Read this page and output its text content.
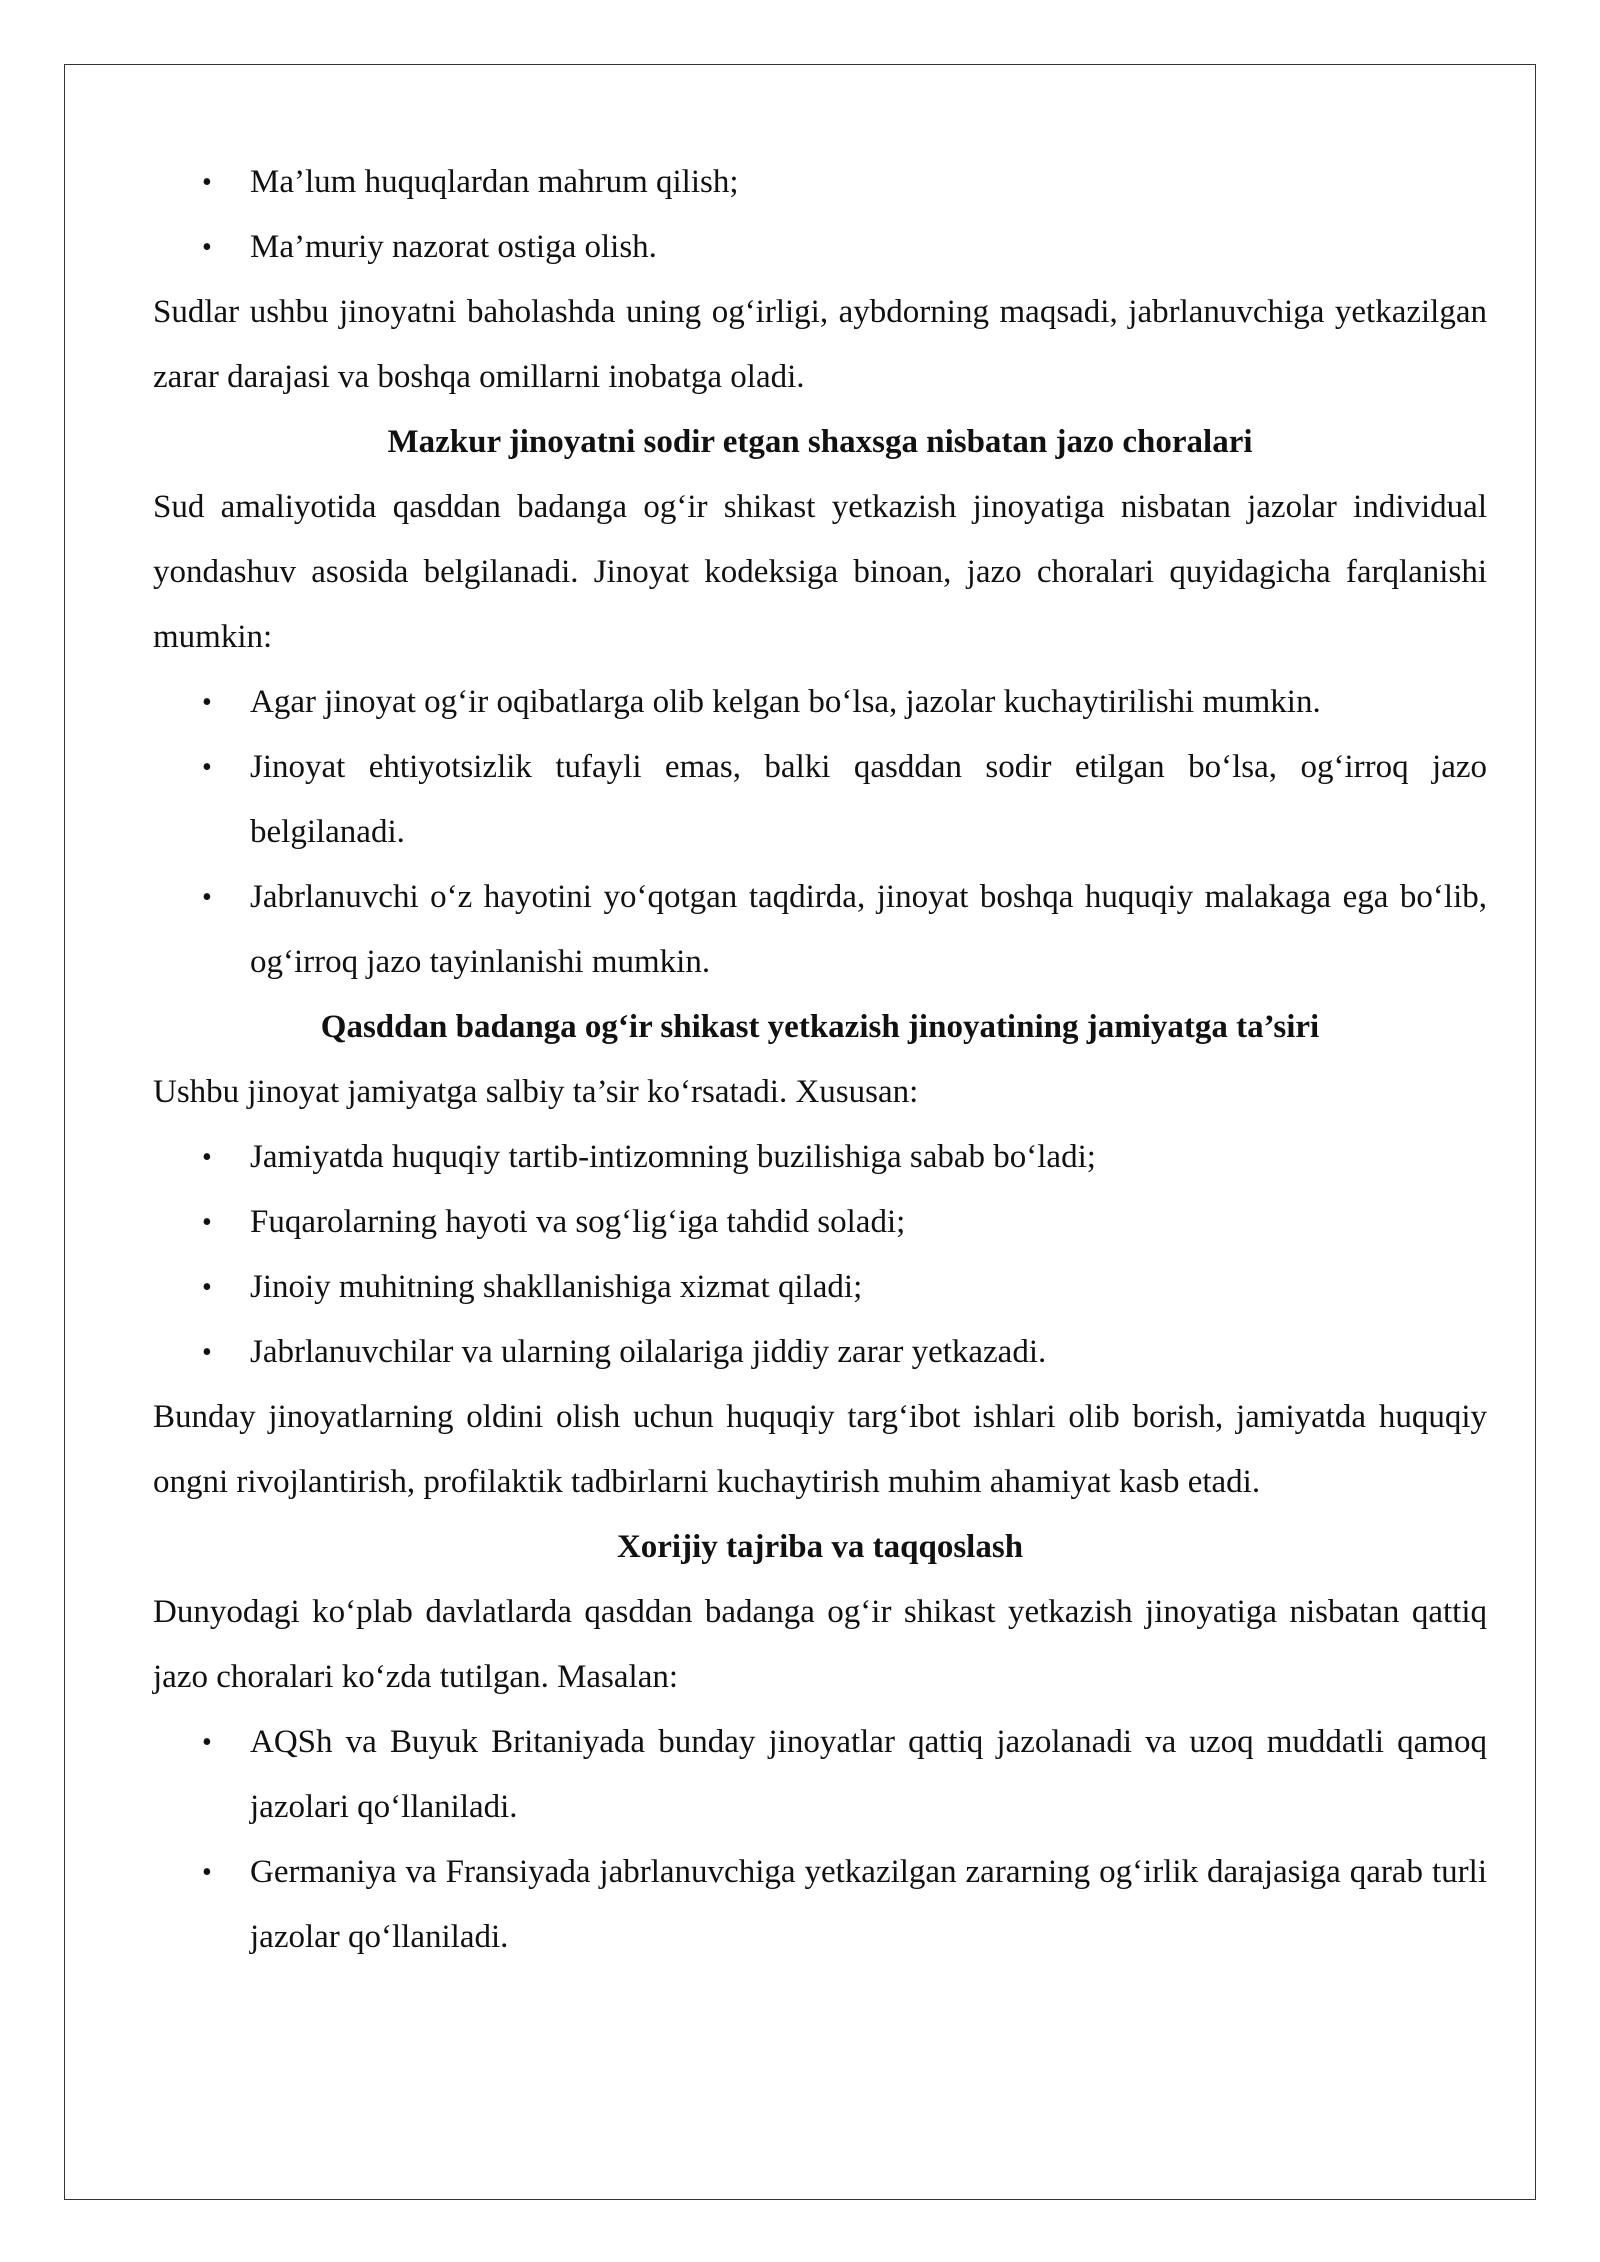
• Ma’lum huquqlardan mahrum qilish;
• Ma’muriy nazorat ostiga olish.

Sudlar ushbu jinoyatni baholashda uning og‘irligi, aybdorning maqsadi, jabrlanuvchiga yetkazilgan zarar darajasi va boshqa omillarni inobatga oladi.

Mazkur jinoyatni sodir etgan shaxsga nisbatan jazo choralari

Sud amaliyotida qasddan badanga og‘ir shikast yetkazish jinoyatiga nisbatan jazolar individual yondashuv asosida belgilanadi. Jinoyat kodeksiga binoan, jazo choralari quyidagicha farqlanishi mumkin:

• Agar jinoyat og‘ir oqibatlarga olib kelgan bo‘lsa, jazolar kuchaytirilishi mumkin.
• Jinoyat ehtiyotsizlik tufayli emas, balki qasddan sodir etilgan bo‘lsa, og‘irroq jazo belgilanadi.
• Jabrlanuvchi o‘z hayotini yo‘qotgan taqdirda, jinoyat boshqa huquqiy malakaga ega bo‘lib, og‘irroq jazo tayinlanishi mumkin.
Qasddan badanga og‘ir shikast yetkazish jinoyatining jamiyatga ta’siri

Ushbu jinoyat jamiyatga salbiy ta’sir ko‘rsatadi. Xususan:

• Jamiyatda huquqiy tartib-intizomning buzilishiga sabab bo‘ladi;
• Fuqarolarning hayoti va sog‘lig‘iga tahdid soladi;
• Jinoiy muhitning shakllanishiga xizmat qiladi;
• Jabrlanuvchilar va ularning oilalariga jiddiy zarar yetkazadi.

Bunday jinoyatlarning oldini olish uchun huquqiy targ‘ibot ishlari olib borish, jamiyatda huquqiy ongni rivojlantirish, profilaktik tadbirlarni kuchaytirish muhim ahamiyat kasb etadi.

Xorijiy tajriba va taqqoslash

Dunyodagi ko‘plab davlatlarda qasddan badanga og‘ir shikast yetkazish jinoyatiga nisbatan qattiq jazo choralari ko‘zda tutilgan. Masalan:

• AQSh va Buyuk Britaniyada bunday jinoyatlar qattiq jazolanadi va uzoq muddatli qamoq jazolari qo‘llaniladi.
• Germaniya va Fransiyada jabrlanuvchiga yetkazilgan zararning og‘irlik darajasiga qarab turli jazolar qo‘llaniladi.
